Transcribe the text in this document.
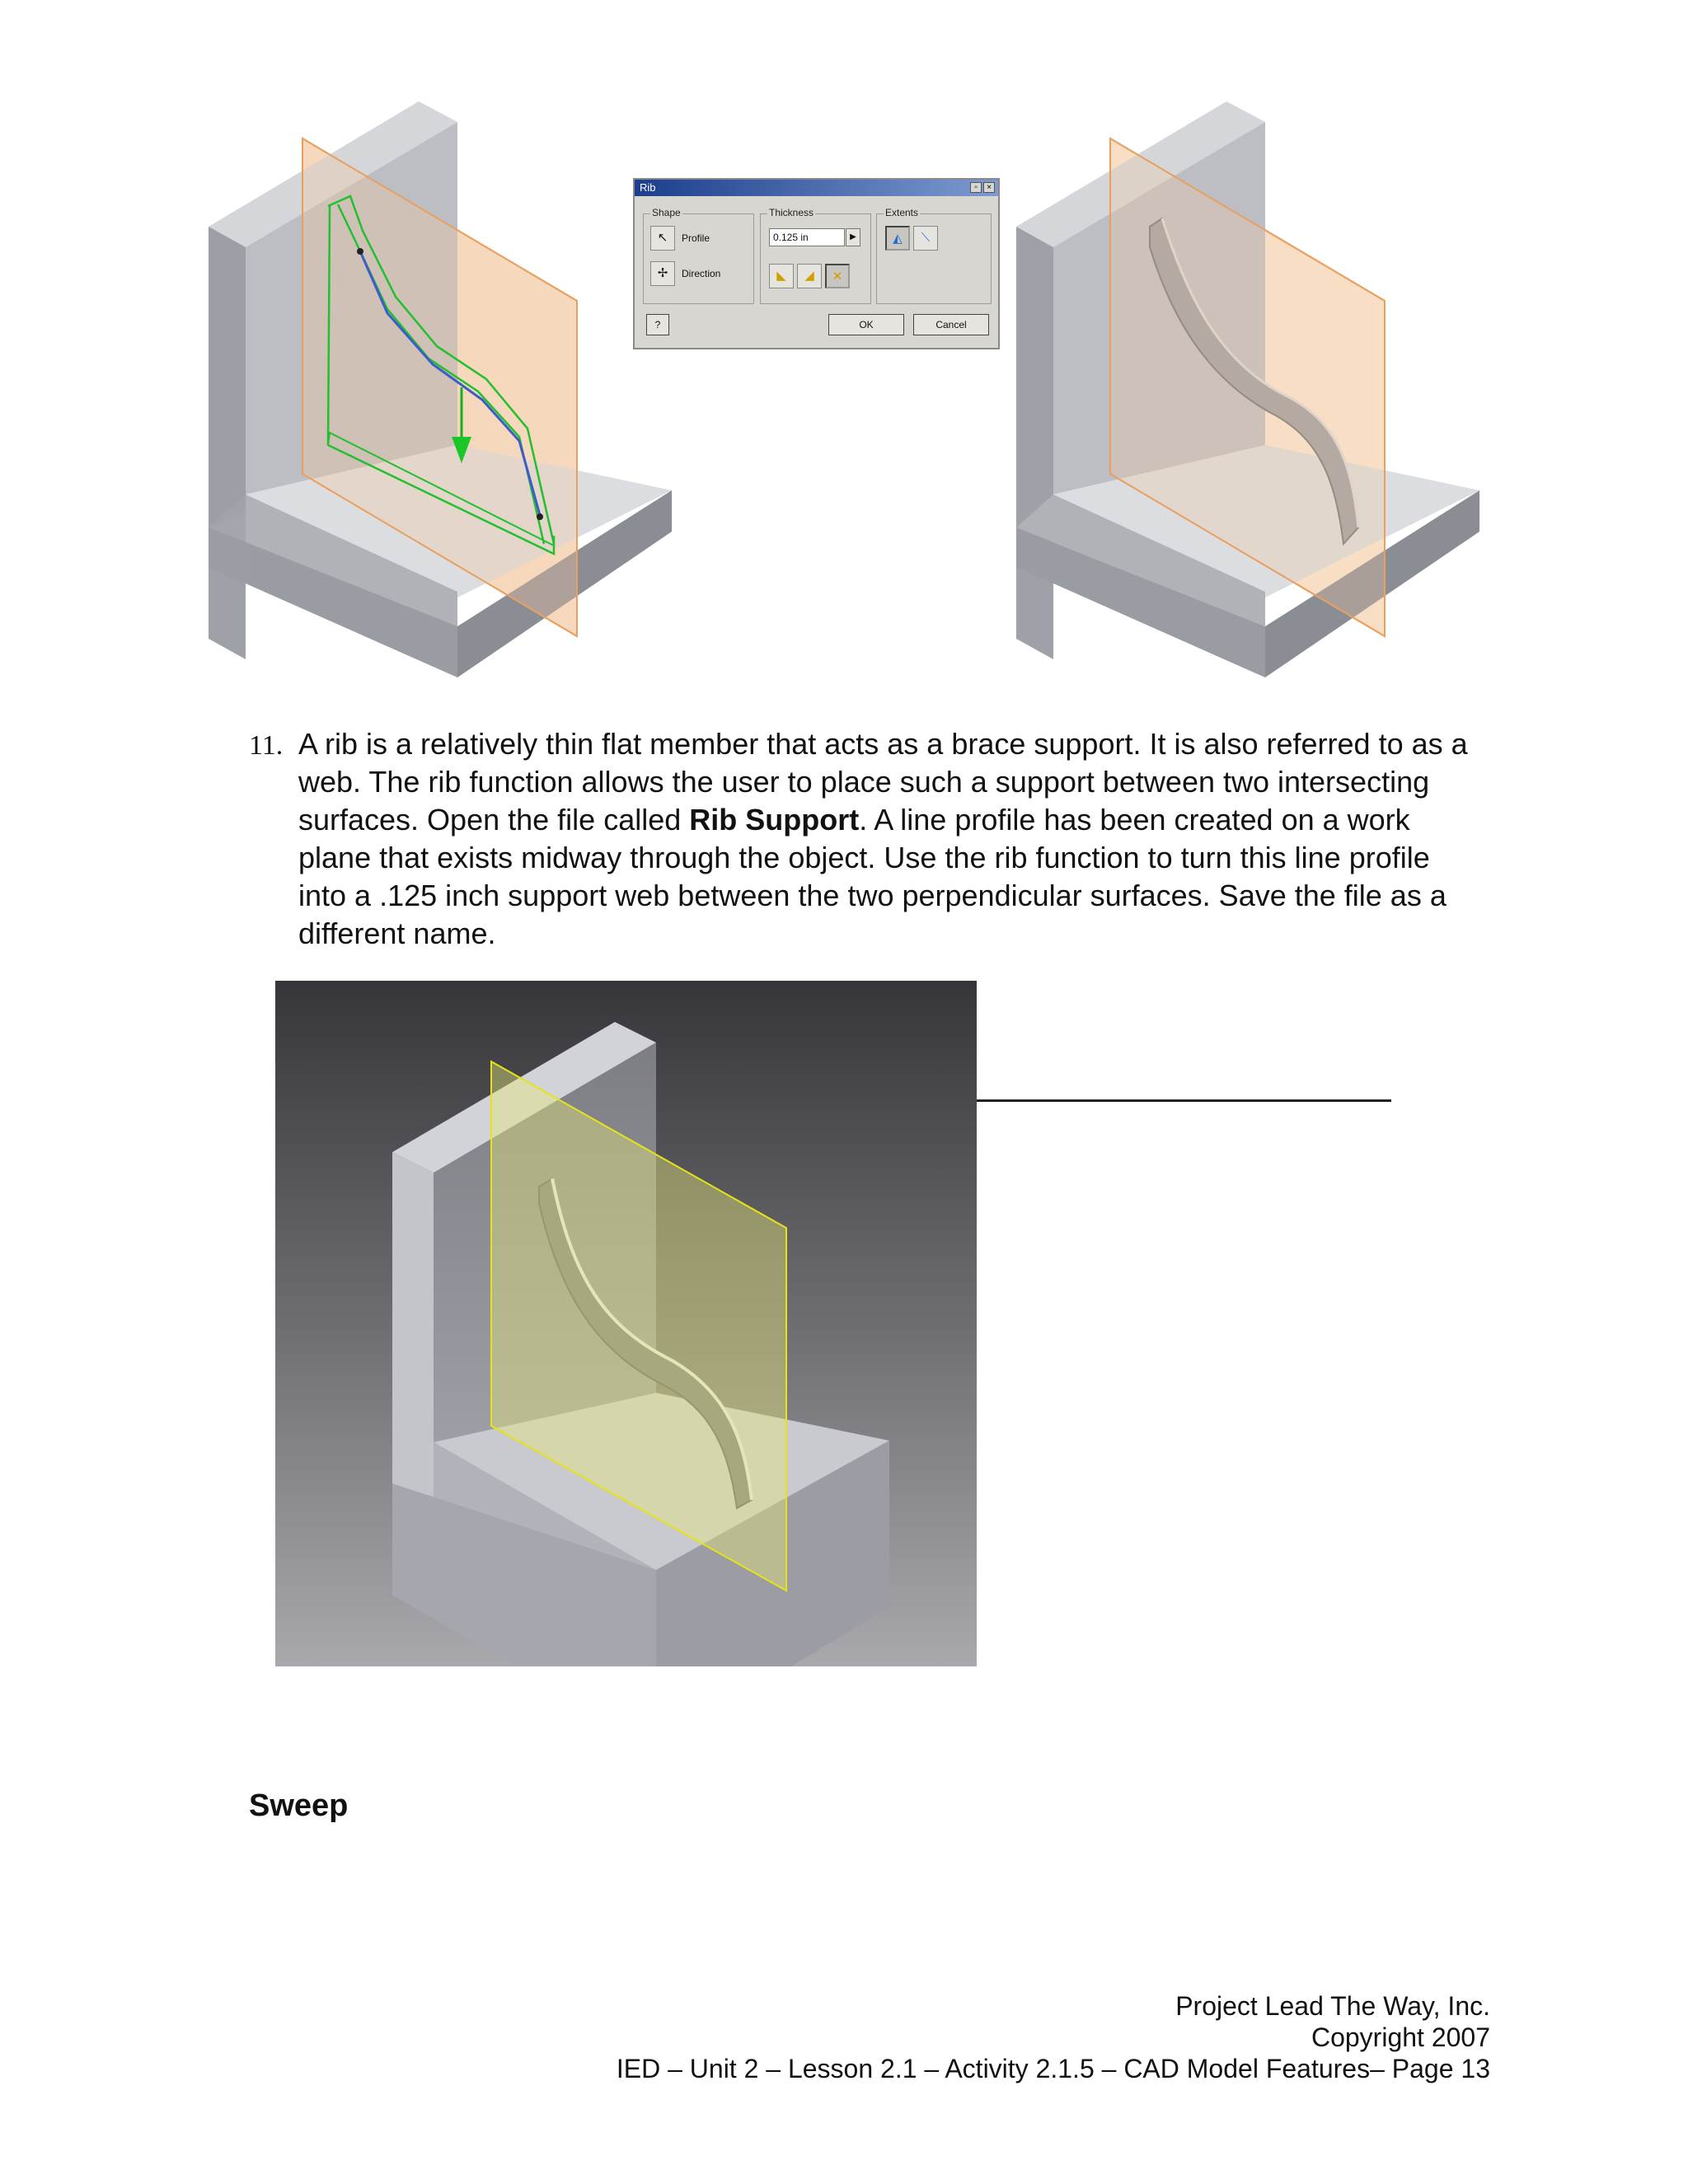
Rib	▫	×
Shape
↖	Profile
✢	Direction
Thickness
0.125 in	▶
◣	◢	✕
Extents
◭	⟍
?	OK	Cancel
11. A rib is a relatively thin flat member that acts as a brace support. It is also referred to as a web. The rib function allows the user to place such a support between two intersecting surfaces. Open the file called Rib Support. A line profile has been created on a work plane that exists midway through the object. Use the rib function to turn this line profile into a .125 inch support web between the two perpendicular surfaces. Save the file as a different name.
Sweep
Project Lead The Way, Inc.
Copyright 2007
IED – Unit 2 – Lesson 2.1 – Activity 2.1.5 – CAD Model Features– Page 13
